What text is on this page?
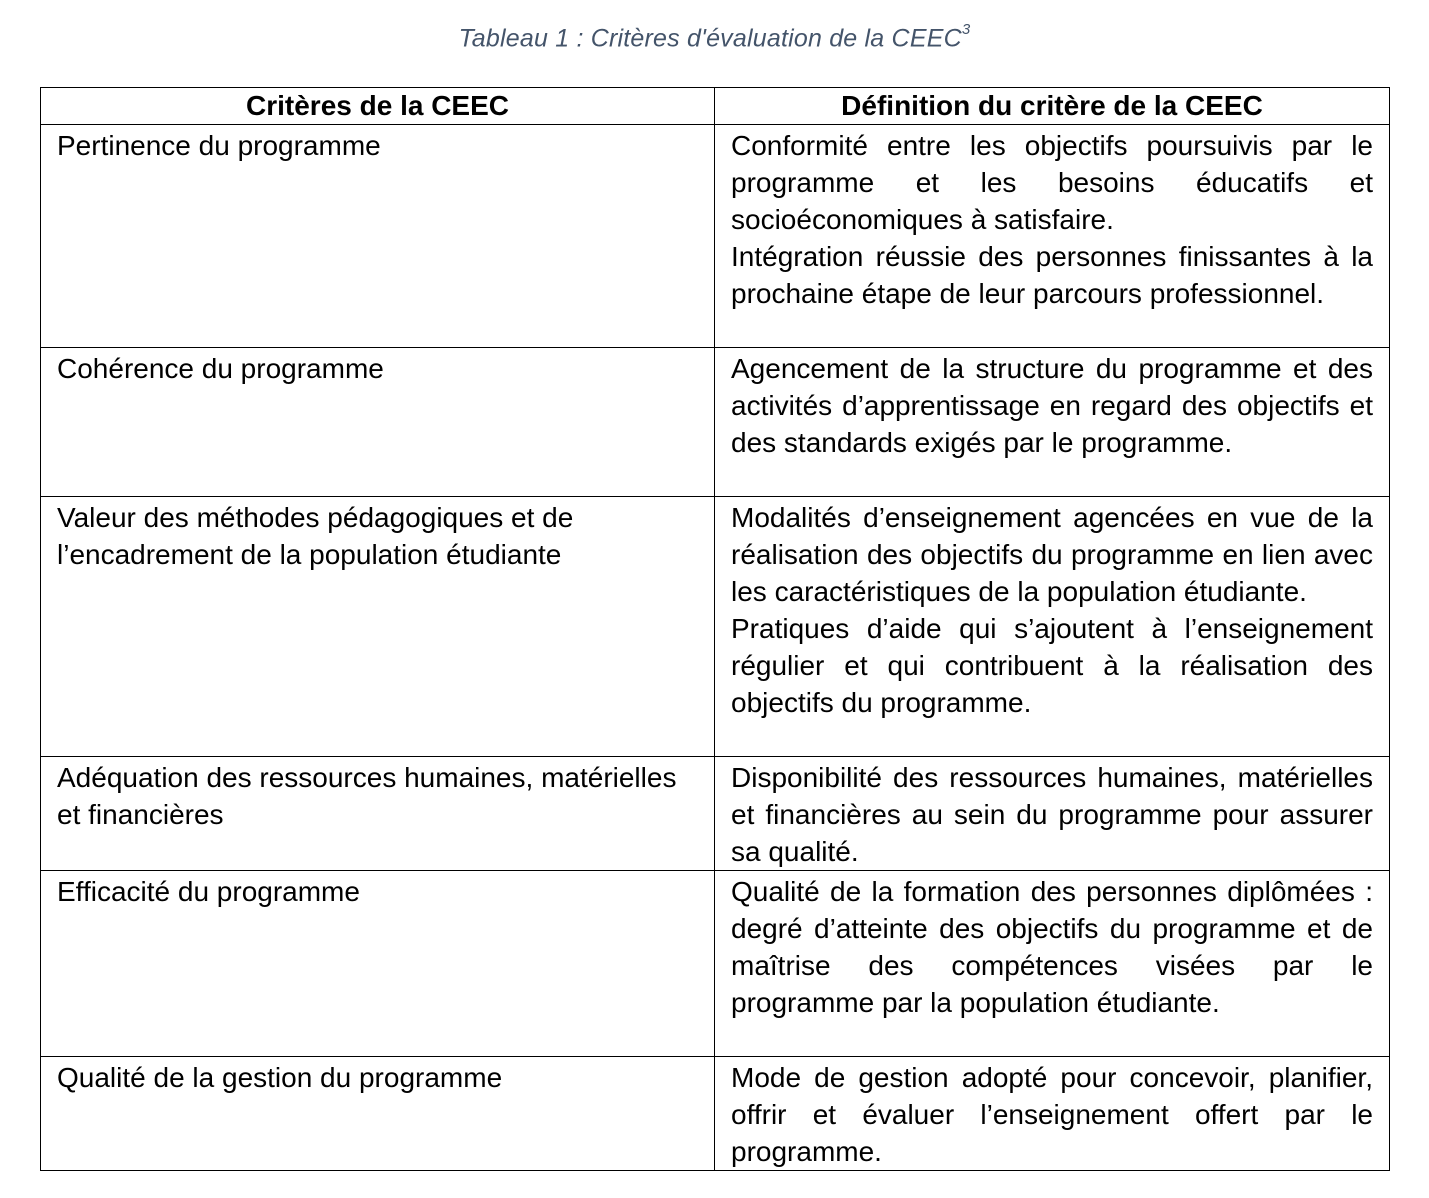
Tableau 1 : Critères d'évaluation de la CEEC$^3$
Critères de la CEEC	Définition du critère de la CEEC
Pertinence du programme	Conformité entre les objectifs poursuivis par le programme et les besoins éducatifs et socioéconomiques à satisfaire.
Intégration réussie des personnes finissantes à la prochaine étape de leur parcours professionnel.

Cohérence du programme	Agencement de la structure du programme et des activités d’apprentissage en regard des objectifs et des standards exigés par le programme.

Valeur des méthodes pédagogiques et de l’encadrement de la population étudiante	Modalités d’enseignement agencées en vue de la réalisation des objectifs du programme en lien avec les caractéristiques de la population étudiante.
Pratiques d’aide qui s’ajoutent à l’enseignement régulier et qui contribuent à la réalisation des objectifs du programme.

Adéquation des ressources humaines, matérielles et financières	Disponibilité des ressources humaines, matérielles et financières au sein du programme pour assurer sa qualité.

Efficacité du programme	Qualité de la formation des personnes diplômées : degré d’atteinte des objectifs du programme et de maîtrise des compétences visées par le programme par la population étudiante.

Qualité de la gestion du programme	Mode de gestion adopté pour concevoir, planifier, offrir et évaluer l’enseignement offert par le programme.
